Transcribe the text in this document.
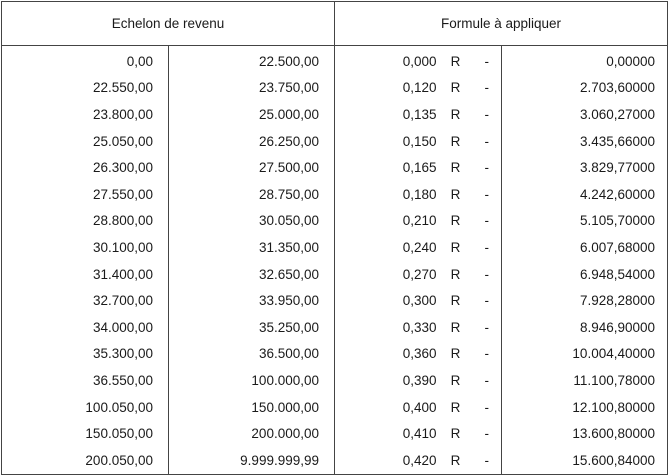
Echelon de revenu		Formule à appliquer			
0,00	22.500,00	0,000	R	-	0,00000
22.550,00	23.750,00	0,120	R	-	2.703,60000
23.800,00	25.000,00	0,135	R	-	3.060,27000
25.050,00	26.250,00	0,150	R	-	3.435,66000
26.300,00	27.500,00	0,165	R	-	3.829,77000
27.550,00	28.750,00	0,180	R	-	4.242,60000
28.800,00	30.050,00	0,210	R	-	5.105,70000
30.100,00	31.350,00	0,240	R	-	6.007,68000
31.400,00	32.650,00	0,270	R	-	6.948,54000
32.700,00	33.950,00	0,300	R	-	7.928,28000
34.000,00	35.250,00	0,330	R	-	8.946,90000
35.300,00	36.500,00	0,360	R	-	10.004,40000
36.550,00	100.000,00	0,390	R	-	11.100,78000
100.050,00	150.000,00	0,400	R	-	12.100,80000
150.050,00	200.000,00	0,410	R	-	13.600,80000
200.050,00	9.999.999,99	0,420	R	-	15.600,84000
